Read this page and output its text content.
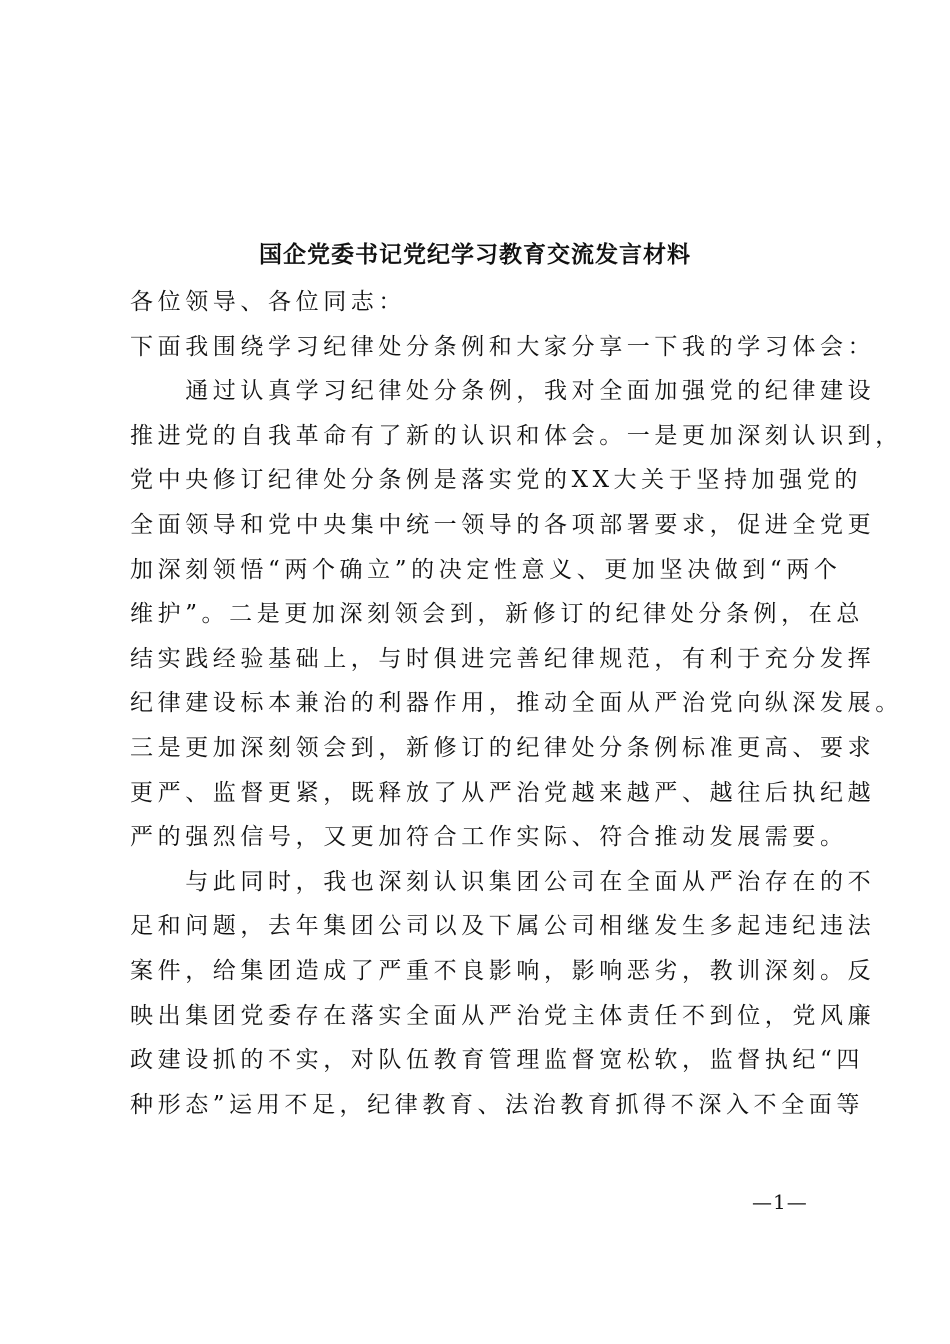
国企党委书记党纪学习教育交流发言材料
各位领导、各位同志：
下面我围绕学习纪律处分条例和大家分享一下我的学习体会：
　　通过认真学习纪律处分条例，我对全面加强党的纪律建设
推进党的自我革命有了新的认识和体会。一是更加深刻认识到，
党中央修订纪律处分条例是落实党的XX大关于坚持加强党的
全面领导和党中央集中统一领导的各项部署要求，促进全党更
加深刻领悟“两个确立”的决定性意义、更加坚决做到“两个
维护”。二是更加深刻领会到，新修订的纪律处分条例，在总
结实践经验基础上，与时俱进完善纪律规范，有利于充分发挥
纪律建设标本兼治的利器作用，推动全面从严治党向纵深发展。
三是更加深刻领会到，新修订的纪律处分条例标准更高、要求
更严、监督更紧，既释放了从严治党越来越严、越往后执纪越
严的强烈信号，又更加符合工作实际、符合推动发展需要。
　　与此同时，我也深刻认识集团公司在全面从严治存在的不
足和问题，去年集团公司以及下属公司相继发生多起违纪违法
案件，给集团造成了严重不良影响，影响恶劣，教训深刻。反
映出集团党委存在落实全面从严治党主体责任不到位，党风廉
政建设抓的不实，对队伍教育管理监督宽松软，监督执纪“四
种形态”运用不足，纪律教育、法治教育抓得不深入不全面等
—1—
